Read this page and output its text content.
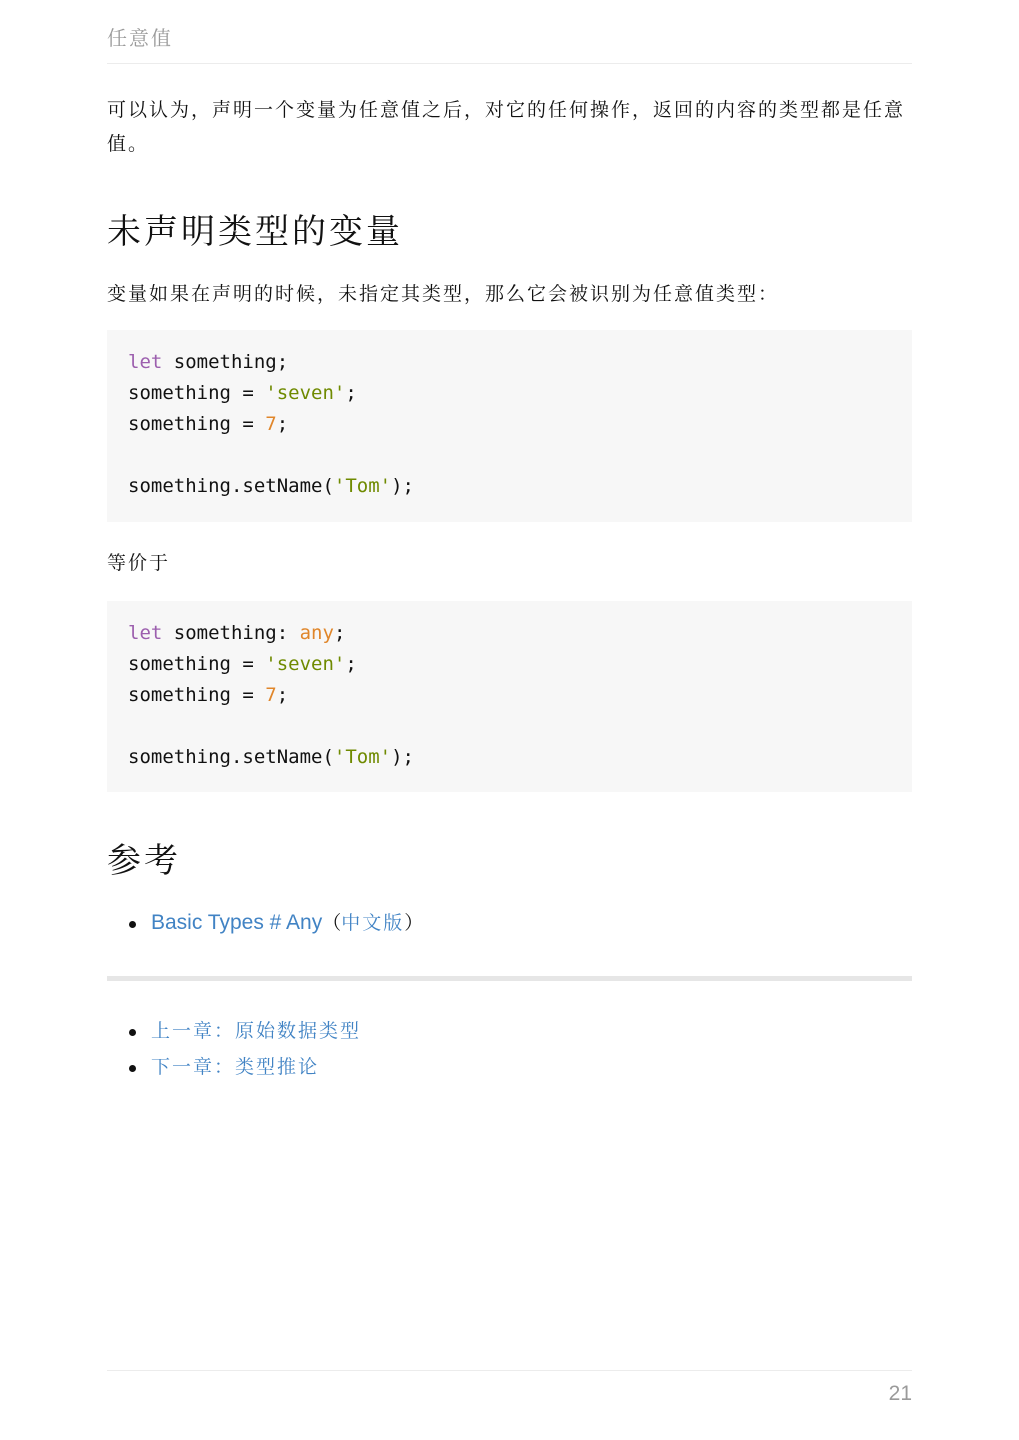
任意值
可以认为，声明一个变量为任意值之后，对它的任何操作，返回的内容的类型都是任意值。
未声明类型的变量
变量如果在声明的时候，未指定其类型，那么它会被识别为任意值类型：
let something;
something = 'seven';
something = 7;

something.setName('Tom');
等价于
let something: any;
something = 'seven';
something = 7;

something.setName('Tom');
参考
Basic Types # Any（中文版）
上一章：原始数据类型
下一章：类型推论
21
